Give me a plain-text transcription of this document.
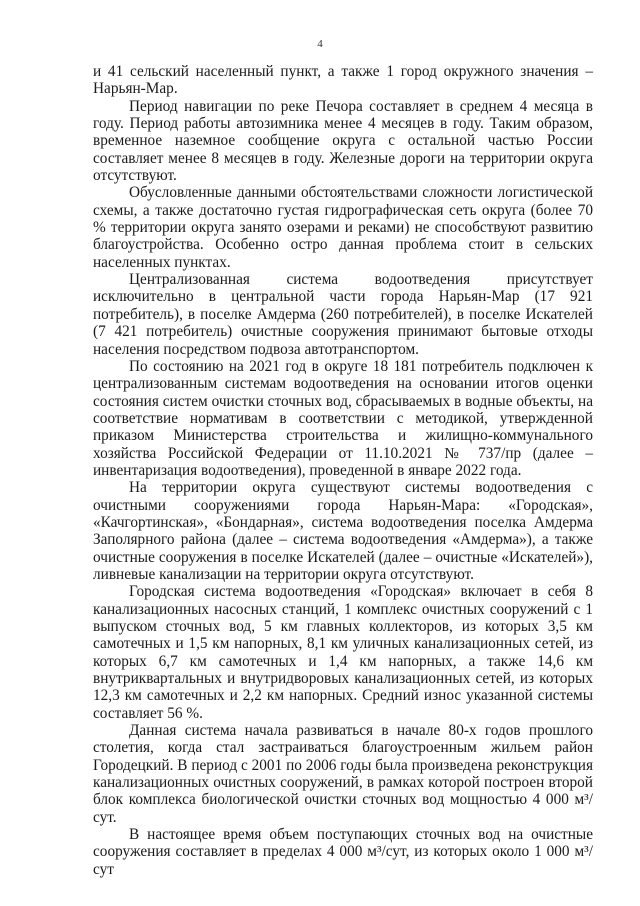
4

и 41 сельский населенный пункт, а также 1 город окружного значения – Нарьян-Мар.

Период навигации по реке Печора составляет в среднем 4 месяца в году. Период работы автозимника менее 4 месяцев в году. Таким образом, временное наземное сообщение округа с остальной частью России составляет менее 8 месяцев в году. Железные дороги на территории округа отсутствуют.

Обусловленные данными обстоятельствами сложности логистической схемы, а также достаточно густая гидрографическая сеть округа (более 70 % территории округа занято озерами и реками) не способствуют развитию благоустройства. Особенно остро данная проблема стоит в сельских населенных пунктах.

Централизованная система водоотведения присутствует исключительно в центральной части города Нарьян-Мар (17 921 потребитель), в поселке Амдерма (260 потребителей), в поселке Искателей (7 421 потребитель) очистные сооружения принимают бытовые отходы населения посредством подвоза автотранспортом.

По состоянию на 2021 год в округе 18 181 потребитель подключен к централизованным системам водоотведения на основании итогов оценки состояния систем очистки сточных вод, сбрасываемых в водные объекты, на соответствие нормативам в соответствии с методикой, утвержденной приказом Министерства строительства и жилищно-коммунального хозяйства Российской Федерации от 11.10.2021 № 737/пр (далее – инвентаризация водоотведения), проведенной в январе 2022 года.

На территории округа существуют системы водоотведения с очистными сооружениями города Нарьян-Мара: «Городская», «Качгортинская», «Бондарная», система водоотведения поселка Амдерма Заполярного района (далее – система водоотведения «Амдерма»), а также очистные сооружения в поселке Искателей (далее – очистные «Искателей»), ливневые канализации на территории округа отсутствуют.

Городская система водоотведения «Городская» включает в себя 8 канализационных насосных станций, 1 комплекс очистных сооружений с 1 выпуском сточных вод, 5 км главных коллекторов, из которых 3,5 км самотечных и 1,5 км напорных, 8,1 км уличных канализационных сетей, из которых 6,7 км самотечных и 1,4 км напорных, а также 14,6 км внутриквартальных и внутридворовых канализационных сетей, из которых 12,3 км самотечных и 2,2 км напорных. Средний износ указанной системы составляет 56 %.

Данная система начала развиваться в начале 80-х годов прошлого столетия, когда стал застраиваться благоустроенным жильем район Городецкий. В период с 2001 по 2006 годы была произведена реконструкция канализационных очистных сооружений, в рамках которой построен второй блок комплекса биологической очистки сточных вод мощностью 4 000 м³/сут.

В настоящее время объем поступающих сточных вод на очистные сооружения составляет в пределах 4 000 м³/сут, из которых около 1 000 м³/сут
